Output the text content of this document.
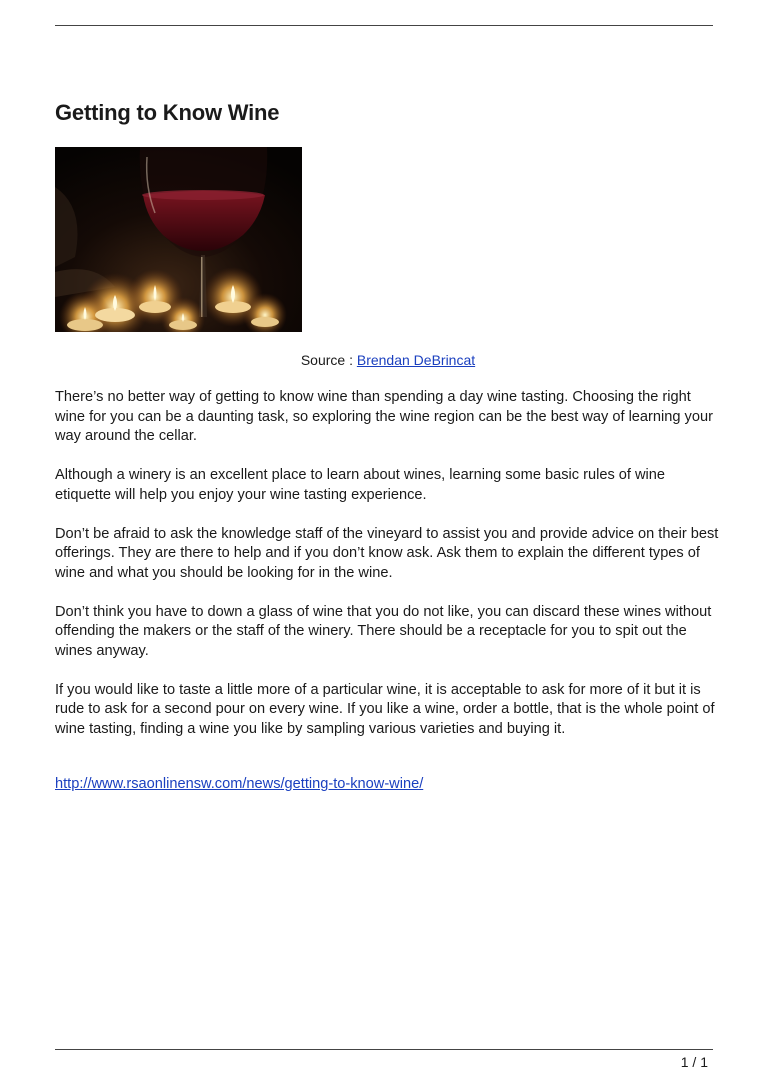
Getting to Know Wine
Source : Brendan DeBrincat

There’s no better way of getting to know wine than spending a day wine tasting. Choosing the right wine for you can be a daunting task, so exploring the wine region can be the best way of learning your way around the cellar.

Although a winery is an excellent place to learn about wines, learning some basic rules of wine etiquette will help you enjoy your wine tasting experience.

Don’t be afraid to ask the knowledge staff of the vineyard to assist you and provide advice on their best offerings. They are there to help and if you don’t know ask. Ask them to explain the different types of wine and what you should be looking for in the wine.

Don’t think you have to down a glass of wine that you do not like, you can discard these wines without offending the makers or the staff of the winery. There should be a receptacle for you to spit out the wines anyway.

If you would like to taste a little more of a particular wine, it is acceptable to ask for more of it but it is rude to ask for a second pour on every wine. If you like a wine, order a bottle, that is the whole point of wine tasting, finding a wine you like by sampling various varieties and buying it.

http://www.rsaonlinensw.com/news/getting-to-know-wine/
1 / 1
